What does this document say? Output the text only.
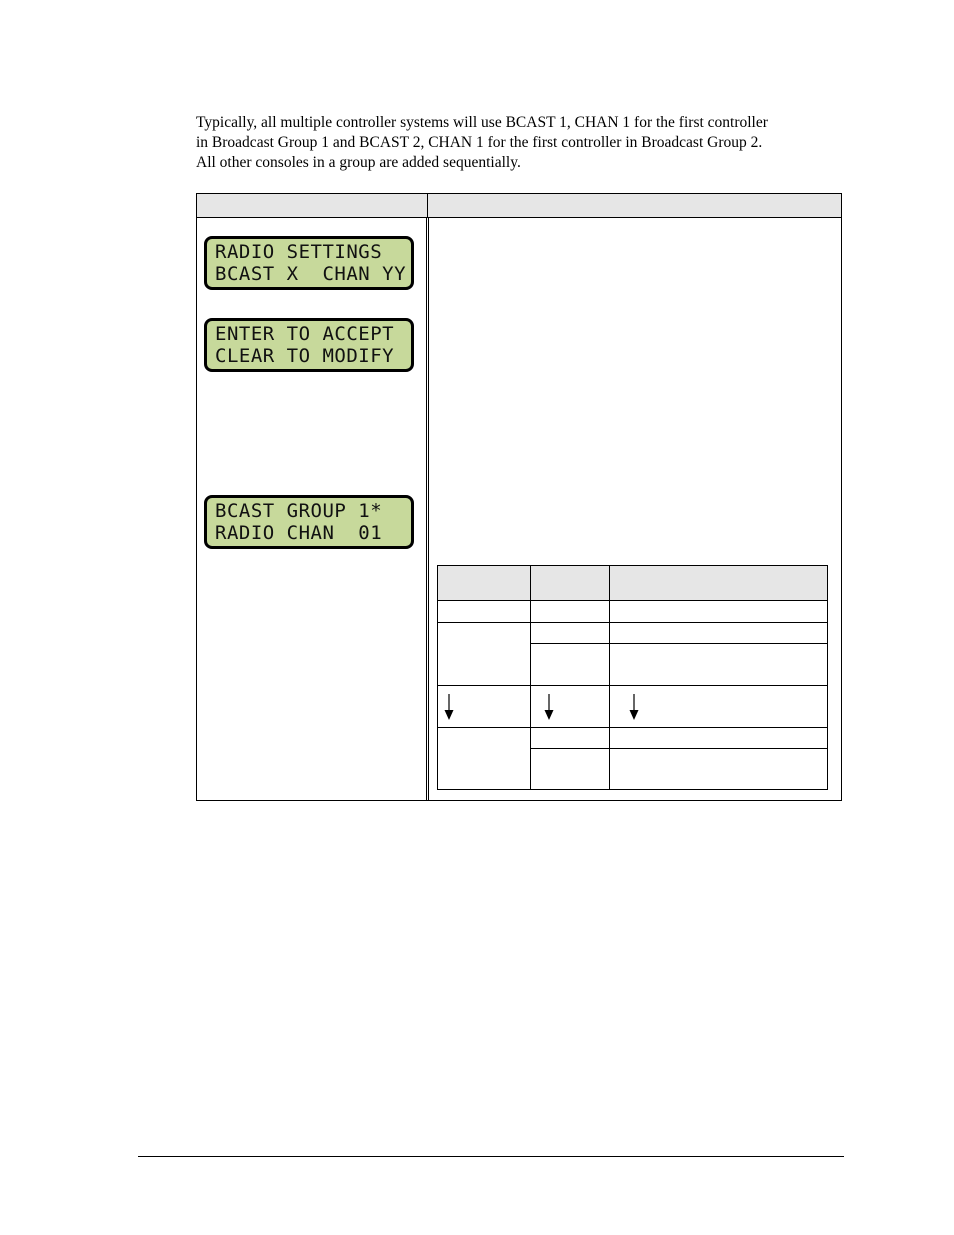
Typically, all multiple controller systems will use BCAST 1, CHAN 1 for the first controller

in Broadcast Group 1 and BCAST 2, CHAN 1 for the first controller in Broadcast Group 2.

All other consoles in a group are added sequentially.

RADIO SETTINGS
BCAST X  CHAN YY
ENTER TO ACCEPT
CLEAR TO MODIFY
BCAST GROUP 1*
RADIO CHAN  01
